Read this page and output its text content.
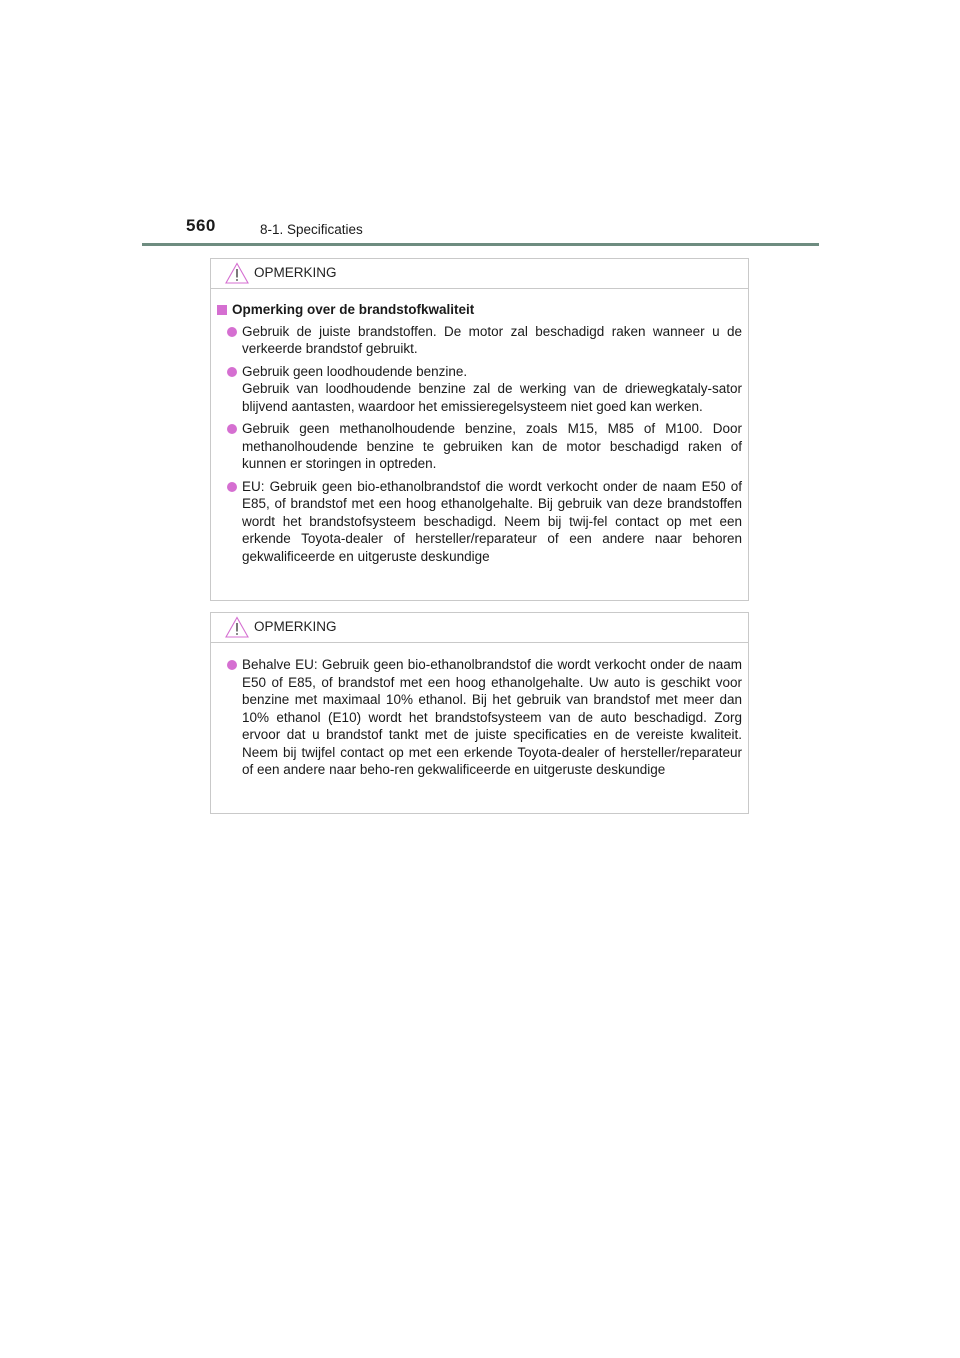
560	8-1. Specificaties
OPMERKING
Opmerking over de brandstofkwaliteit
Gebruik de juiste brandstoffen. De motor zal beschadigd raken wanneer u de verkeerde brandstof gebruikt.
Gebruik geen loodhoudende benzine.
Gebruik van loodhoudende benzine zal de werking van de driewegkataly-sator blijvend aantasten, waardoor het emissieregelsysteem niet goed kan werken.
Gebruik geen methanolhoudende benzine, zoals M15, M85 of M100. Door methanolhoudende benzine te gebruiken kan de motor beschadigd raken of kunnen er storingen in optreden.
EU: Gebruik geen bio-ethanolbrandstof die wordt verkocht onder de naam E50 of E85, of brandstof met een hoog ethanolgehalte. Bij gebruik van deze brandstoffen wordt het brandstofsysteem beschadigd. Neem bij twij-fel contact op met een erkende Toyota-dealer of hersteller/reparateur of een andere naar behoren gekwalificeerde en uitgeruste deskundige
OPMERKING
Behalve EU: Gebruik geen bio-ethanolbrandstof die wordt verkocht onder de naam E50 of E85, of brandstof met een hoog ethanolgehalte. Uw auto is geschikt voor benzine met maximaal 10% ethanol. Bij het gebruik van brandstof met meer dan 10% ethanol (E10) wordt het brandstofsysteem van de auto beschadigd. Zorg ervoor dat u brandstof tankt met de juiste specificaties en de vereiste kwaliteit. Neem bij twijfel contact op met een erkende Toyota-dealer of hersteller/reparateur of een andere naar beho-ren gekwalificeerde en uitgeruste deskundige
